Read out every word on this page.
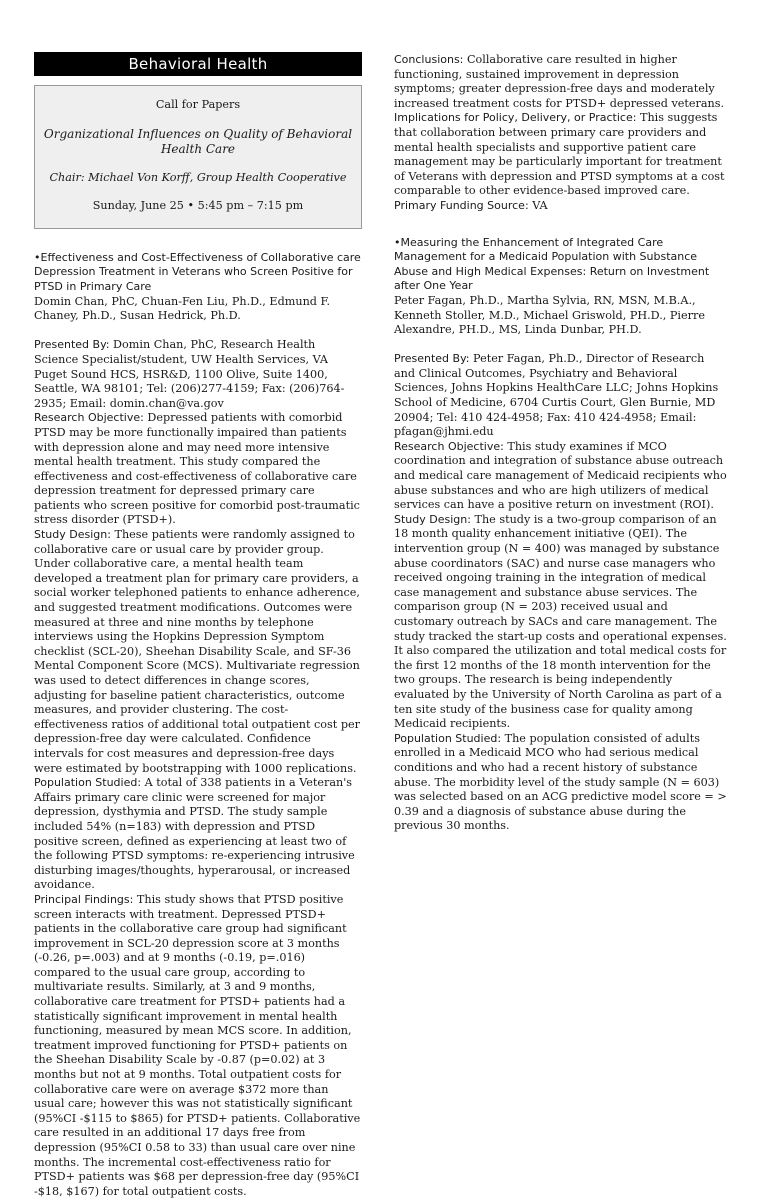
Behavioral Health
Call for Papers
Organizational Influences on Quality of Behavioral Health Care
Chair: Michael Von Korff, Group Health Cooperative
Sunday, June 25 • 5:45 pm – 7:15 pm
•Effectiveness and Cost-Effectiveness of Collaborative care Depression Treatment in Veterans who Screen Positive for PTSD in Primary Care

Domin Chan, PhC, Chuan-Fen Liu, Ph.D., Edmund F. Chaney, Ph.D., Susan Hedrick, Ph.D.

Presented By: Domin Chan, PhC, Research Health Science Specialist/student, UW Health Services, VA Puget Sound HCS, HSR&D, 1100 Olive, Suite 1400, Seattle, WA 98101; Tel: (206)277-4159; Fax: (206)764-2935; Email: domin.chan@va.gov

Research Objective: Depressed patients with comorbid PTSD may be more functionally impaired than patients with depression alone and may need more intensive mental health treatment. This study compared the effectiveness and cost-effectiveness of collaborative care depression treatment for depressed primary care patients who screen positive for comorbid post-traumatic stress disorder (PTSD+).

Study Design: These patients were randomly assigned to collaborative care or usual care by provider group. Under collaborative care, a mental health team developed a treatment plan for primary care providers, a social worker telephoned patients to enhance adherence, and suggested treatment modifications. Outcomes were measured at three and nine months by telephone interviews using the Hopkins Depression Symptom checklist (SCL-20), Sheehan Disability Scale, and SF-36 Mental Component Score (MCS). Multivariate regression was used to detect differences in change scores, adjusting for baseline patient characteristics, outcome measures, and provider clustering. The cost-effectiveness ratios of additional total outpatient cost per depression-free day were calculated. Confidence intervals for cost measures and depression-free days were estimated by bootstrapping with 1000 replications.

Population Studied: A total of 338 patients in a Veteran's Affairs primary care clinic were screened for major depression, dysthymia and PTSD. The study sample included 54% (n=183) with depression and PTSD positive screen, defined as experiencing at least two of the following PTSD symptoms: re-experiencing intrusive disturbing images/thoughts, hyperarousal, or increased avoidance.

Principal Findings: This study shows that PTSD positive screen interacts with treatment. Depressed PTSD+ patients in the collaborative care group had significant improvement in SCL-20 depression score at 3 months (-0.26, p=.003) and at 9 months (-0.19, p=.016) compared to the usual care group, according to multivariate results. Similarly, at 3 and 9 months, collaborative care treatment for PTSD+ patients had a statistically significant improvement in mental health functioning, measured by mean MCS score. In addition, treatment improved functioning for PTSD+ patients on the Sheehan Disability Scale by -0.87 (p=0.02) at 3 months but not at 9 months. Total outpatient costs for collaborative care were on average $372 more than usual care; however this was not statistically significant (95%CI -$115 to $865) for PTSD+ patients. Collaborative care resulted in an additional 17 days free from depression (95%CI 0.58 to 33) than usual care over nine months. The incremental cost-effectiveness ratio for PTSD+ patients was $68 per depression-free day (95%CI -$18, $167) for total outpatient costs.

Conclusions: Collaborative care resulted in higher functioning, sustained improvement in depression symptoms; greater depression-free days and moderately increased treatment costs for PTSD+ depressed veterans.

Implications for Policy, Delivery, or Practice: This suggests that collaboration between primary care providers and mental health specialists and supportive patient care management may be particularly important for treatment of Veterans with depression and PTSD symptoms at a cost comparable to other evidence-based improved care.

Primary Funding Source: VA

•Measuring the Enhancement of Integrated Care Management for a Medicaid Population with Substance Abuse and High Medical Expenses: Return on Investment after One Year

Peter Fagan, Ph.D., Martha Sylvia, RN, MSN, M.B.A., Kenneth Stoller, M.D., Michael Griswold, PH.D., Pierre Alexandre, PH.D., MS, Linda Dunbar, PH.D.

Presented By: Peter Fagan, Ph.D., Director of Research and Clinical Outcomes, Psychiatry and Behavioral Sciences, Johns Hopkins HealthCare LLC; Johns Hopkins School of Medicine, 6704 Curtis Court, Glen Burnie, MD 20904; Tel: 410 424-4958; Fax: 410 424-4958; Email: pfagan@jhmi.edu

Research Objective: This study examines if MCO coordination and integration of substance abuse outreach and medical care management of Medicaid recipients who abuse substances and who are high utilizers of medical services can have a positive return on investment (ROI).

Study Design: The study is a two-group comparison of an 18 month quality enhancement initiative (QEI). The intervention group (N = 400) was managed by substance abuse coordinators (SAC) and nurse case managers who received ongoing training in the integration of medical case management and substance abuse services. The comparison group (N = 203) received usual and customary outreach by SACs and care management. The study tracked the start-up costs and operational expenses. It also compared the utilization and total medical costs for the first 12 months of the 18 month intervention for the two groups. The research is being independently evaluated by the University of North Carolina as part of a ten site study of the business case for quality among Medicaid recipients.

Population Studied: The population consisted of adults enrolled in a Medicaid MCO who had serious medical conditions and who had a recent history of substance abuse. The morbidity level of the study sample (N = 603) was selected based on an ACG predictive model score = > 0.39 and a diagnosis of substance abuse during the previous 30 months.
